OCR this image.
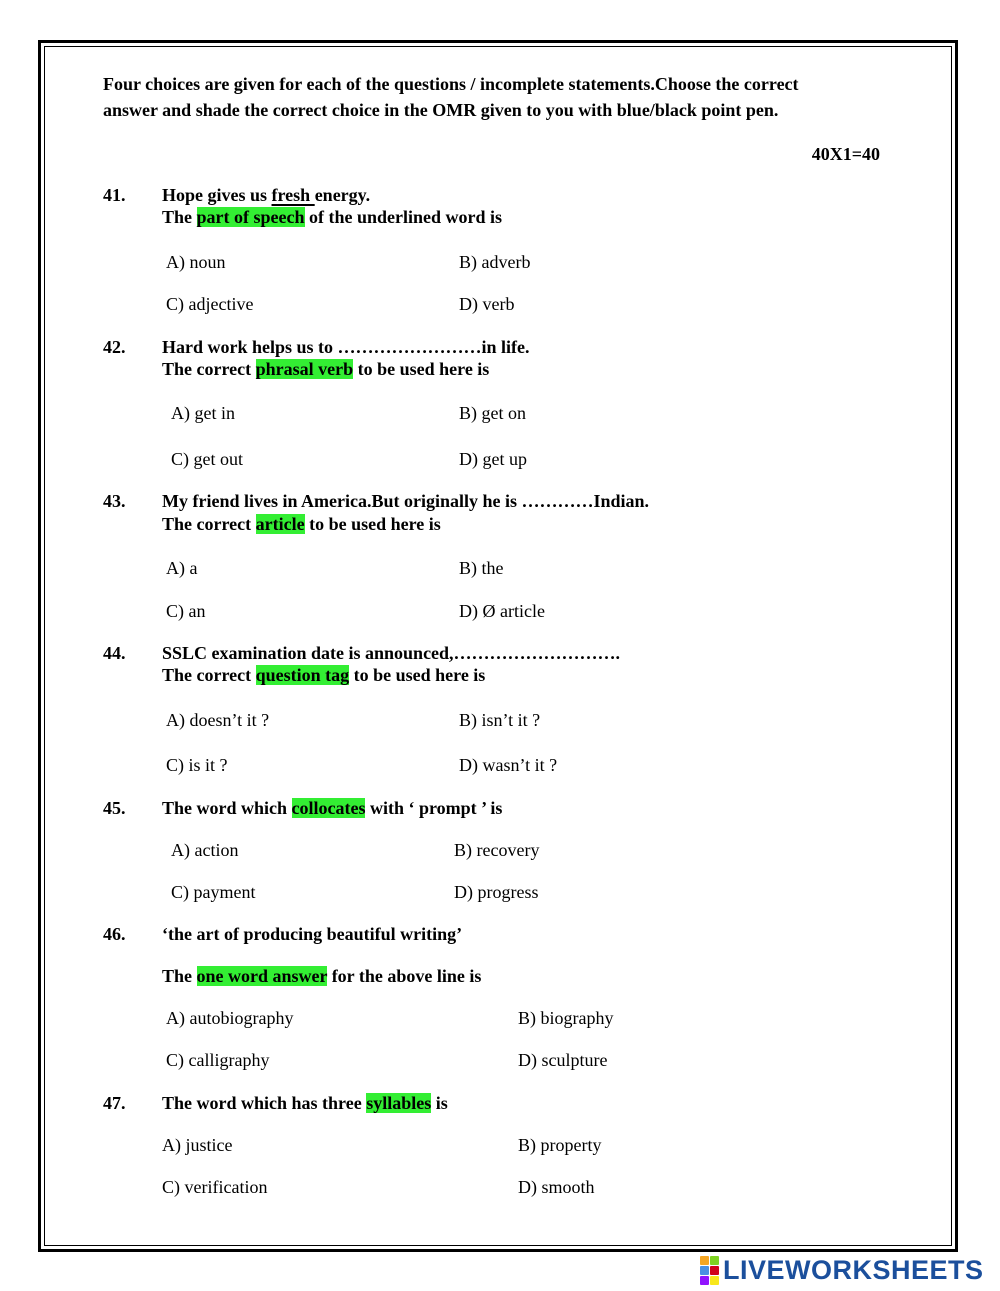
Four choices are given for each of the questions / incomplete statements.Choose the correct
answer and shade the correct choice in the OMR given to you with blue/black point pen.
40X1=40
41. Hope gives us fresh energy.
The part of speech of the underlined word is
A) noun	B) adverb
C) adjective	D) verb
42. Hard work helps us to ……………………in life.
The correct phrasal verb to be used here is
A) get in	B) get on
C) get out	D) get up
43. My friend lives in America.But originally he is …………Indian.
The correct article to be used here is
A) a	B) the
C) an	D) Ø article
44. SSLC examination date is announced,……………………….
The correct question tag to be used here is
A) doesn’t it ?	B) isn’t it ?
C) is it ?	D) wasn’t it ?
45. The word which collocates with ‘ prompt ’ is
A) action	B) recovery
C) payment	D) progress
46. ‘the art of producing beautiful writing’
The one word answer for the above line is
A) autobiography	B) biography
C) calligraphy	D) sculpture
47. The word which has three syllables is
A) justice	B) property
C) verification	D) smooth
LIVEWORKSHEETS
